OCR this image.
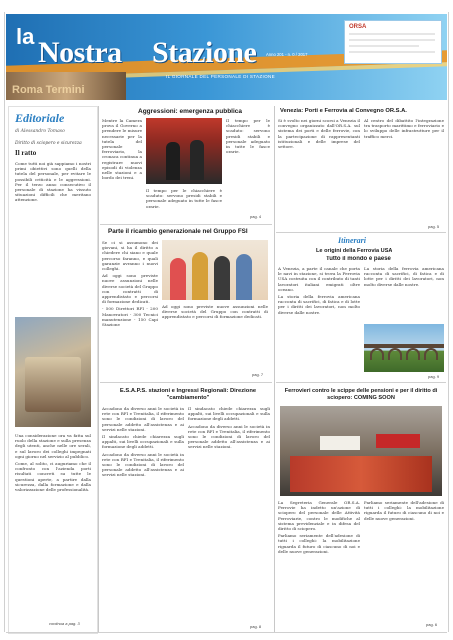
Roma Termini
la Nostra Stazione
IL GIORNALE DEL PERSONALE DI STAZIONE
Anno 201 - n. 0 / 2017
ORSA
Editoriale
di Alessandro Tomaso
Diritto di sciopero e sicurezza
Il ratto

Come tutti noi già sappiamo i nostri primi obiettivi sono quelli della tutela del personale, per evitare le possibili criticità e le aggressioni. Per il terzo anno consecutivo il personale di stazione ha vissuto situazioni difficili che meritano attenzione.

Una considerazione ora va fatta sul ruolo della stazione e sulla presenza degli utenti, anche nelle ore serali, e sul lavoro dei colleghi impegnati ogni giorno nel servizio al pubblico.

Come, al solito, ci auguriamo che il confronto con l'azienda porti risultati concreti su tutte le questioni aperte, a partire dalla sicurezza, dalla formazione e dalla valorizzazione delle professionalità.

continua a pag. 3
Aggressioni: emergenza pubblica

Mentre la Camera prova il Governo a prendere le misure necessarie per la tutela del personale ferroviario, la cronaca continua a registrare nuovi episodi di violenza nelle stazioni e a bordo dei treni.

Il tempo per le chiacchiere è scaduto: servono presidi stabili e personale adeguato in tutte le fasce orarie.

Il tempo per le chiacchiere è scaduto: servono presidi stabili e personale adeguato in tutte le fasce orarie.

pag. 4
Parte il ricambio generazionale nel Gruppo FSI

Se ci si assumono dei giovani, si ha il diritto a chiedere chi siano e quale percorso faranno, e quali garanzie avranno i nuovi colleghi.

Ad oggi sono previste nuove assunzioni nelle diverse società del Gruppo con contratti di apprendistato e percorsi di formazione dedicati.

- 500 Direttori RFI - 200 Manovratori - 300 Tecnici manutenzione - 150 Capi Stazione

Ad oggi sono previste nuove assunzioni nelle diverse società del Gruppo con contratti di apprendistato e percorsi di formazione dedicati.

pag. 7
E.S.A.P.S. stazioni e Ingressi Regionali: Direzione "cambiamento"

Accadono da diverso anni le società in rete con RFI e Trenitalia, il riferimento sono le condizioni di lavoro del personale addetto all'assistenza e ai servizi nelle stazioni.

Il sindacato chiede chiarezza sugli appalti, sui livelli occupazionali e sulla formazione degli addetti.

Accadono da diverso anni le società in rete con RFI e Trenitalia, il riferimento sono le condizioni di lavoro del personale addetto all'assistenza e ai servizi nelle stazioni.

Il sindacato chiede chiarezza sugli appalti, sui livelli occupazionali e sulla formazione degli addetti.

Accadono da diverso anni le società in rete con RFI e Trenitalia, il riferimento sono le condizioni di lavoro del personale addetto all'assistenza e ai servizi nelle stazioni.

pag. 8
Venezia: Porti e Ferrovia al Convegno OR.S.A.

Si è svolto nei giorni scorsi a Venezia il convegno organizzato dall'OR.S.A. sul sistema dei porti e delle ferrovie, con la partecipazione di rappresentanti istituzionali e delle imprese del settore.

Al centro del dibattito l'integrazione tra trasporto marittimo e ferroviario e lo sviluppo delle infrastrutture per il traffico merci.

pag. 5
Itinerari
Le origini della Ferrovia USA
Tutto il mondo è paese

A Venezia, a parte il canale che porta le navi in stazione, si trova la Ferrovia USA costruita con il contributo di tanti lavoratori italiani emigrati oltre oceano.

La storia della ferrovia americana racconta di sacrifici, di fatica e di lotte per i diritti dei lavoratori, non molto diverse dalle nostre.

La storia della ferrovia americana racconta di sacrifici, di fatica e di lotte per i diritti dei lavoratori, non molto diverse dalle nostre.

pag. 9
Ferrovieri contro le scippe delle pensioni e per il diritto di sciopero: COMING SOON

La Segreteria Generale OR.S.A. Ferrovie ha indetto un'azione di sciopero del personale delle Attività Ferroviarie, contro le modifiche al sistema previdenziale e in difesa del diritto di sciopero.

Parliamo seriamente dell'adesione di tutti i colleghi: la mobilitazione riguarda il futuro di ciascuno di noi e delle nuove generazioni.

Parliamo seriamente dell'adesione di tutti i colleghi: la mobilitazione riguarda il futuro di ciascuno di noi e delle nuove generazioni.

pag. 6
